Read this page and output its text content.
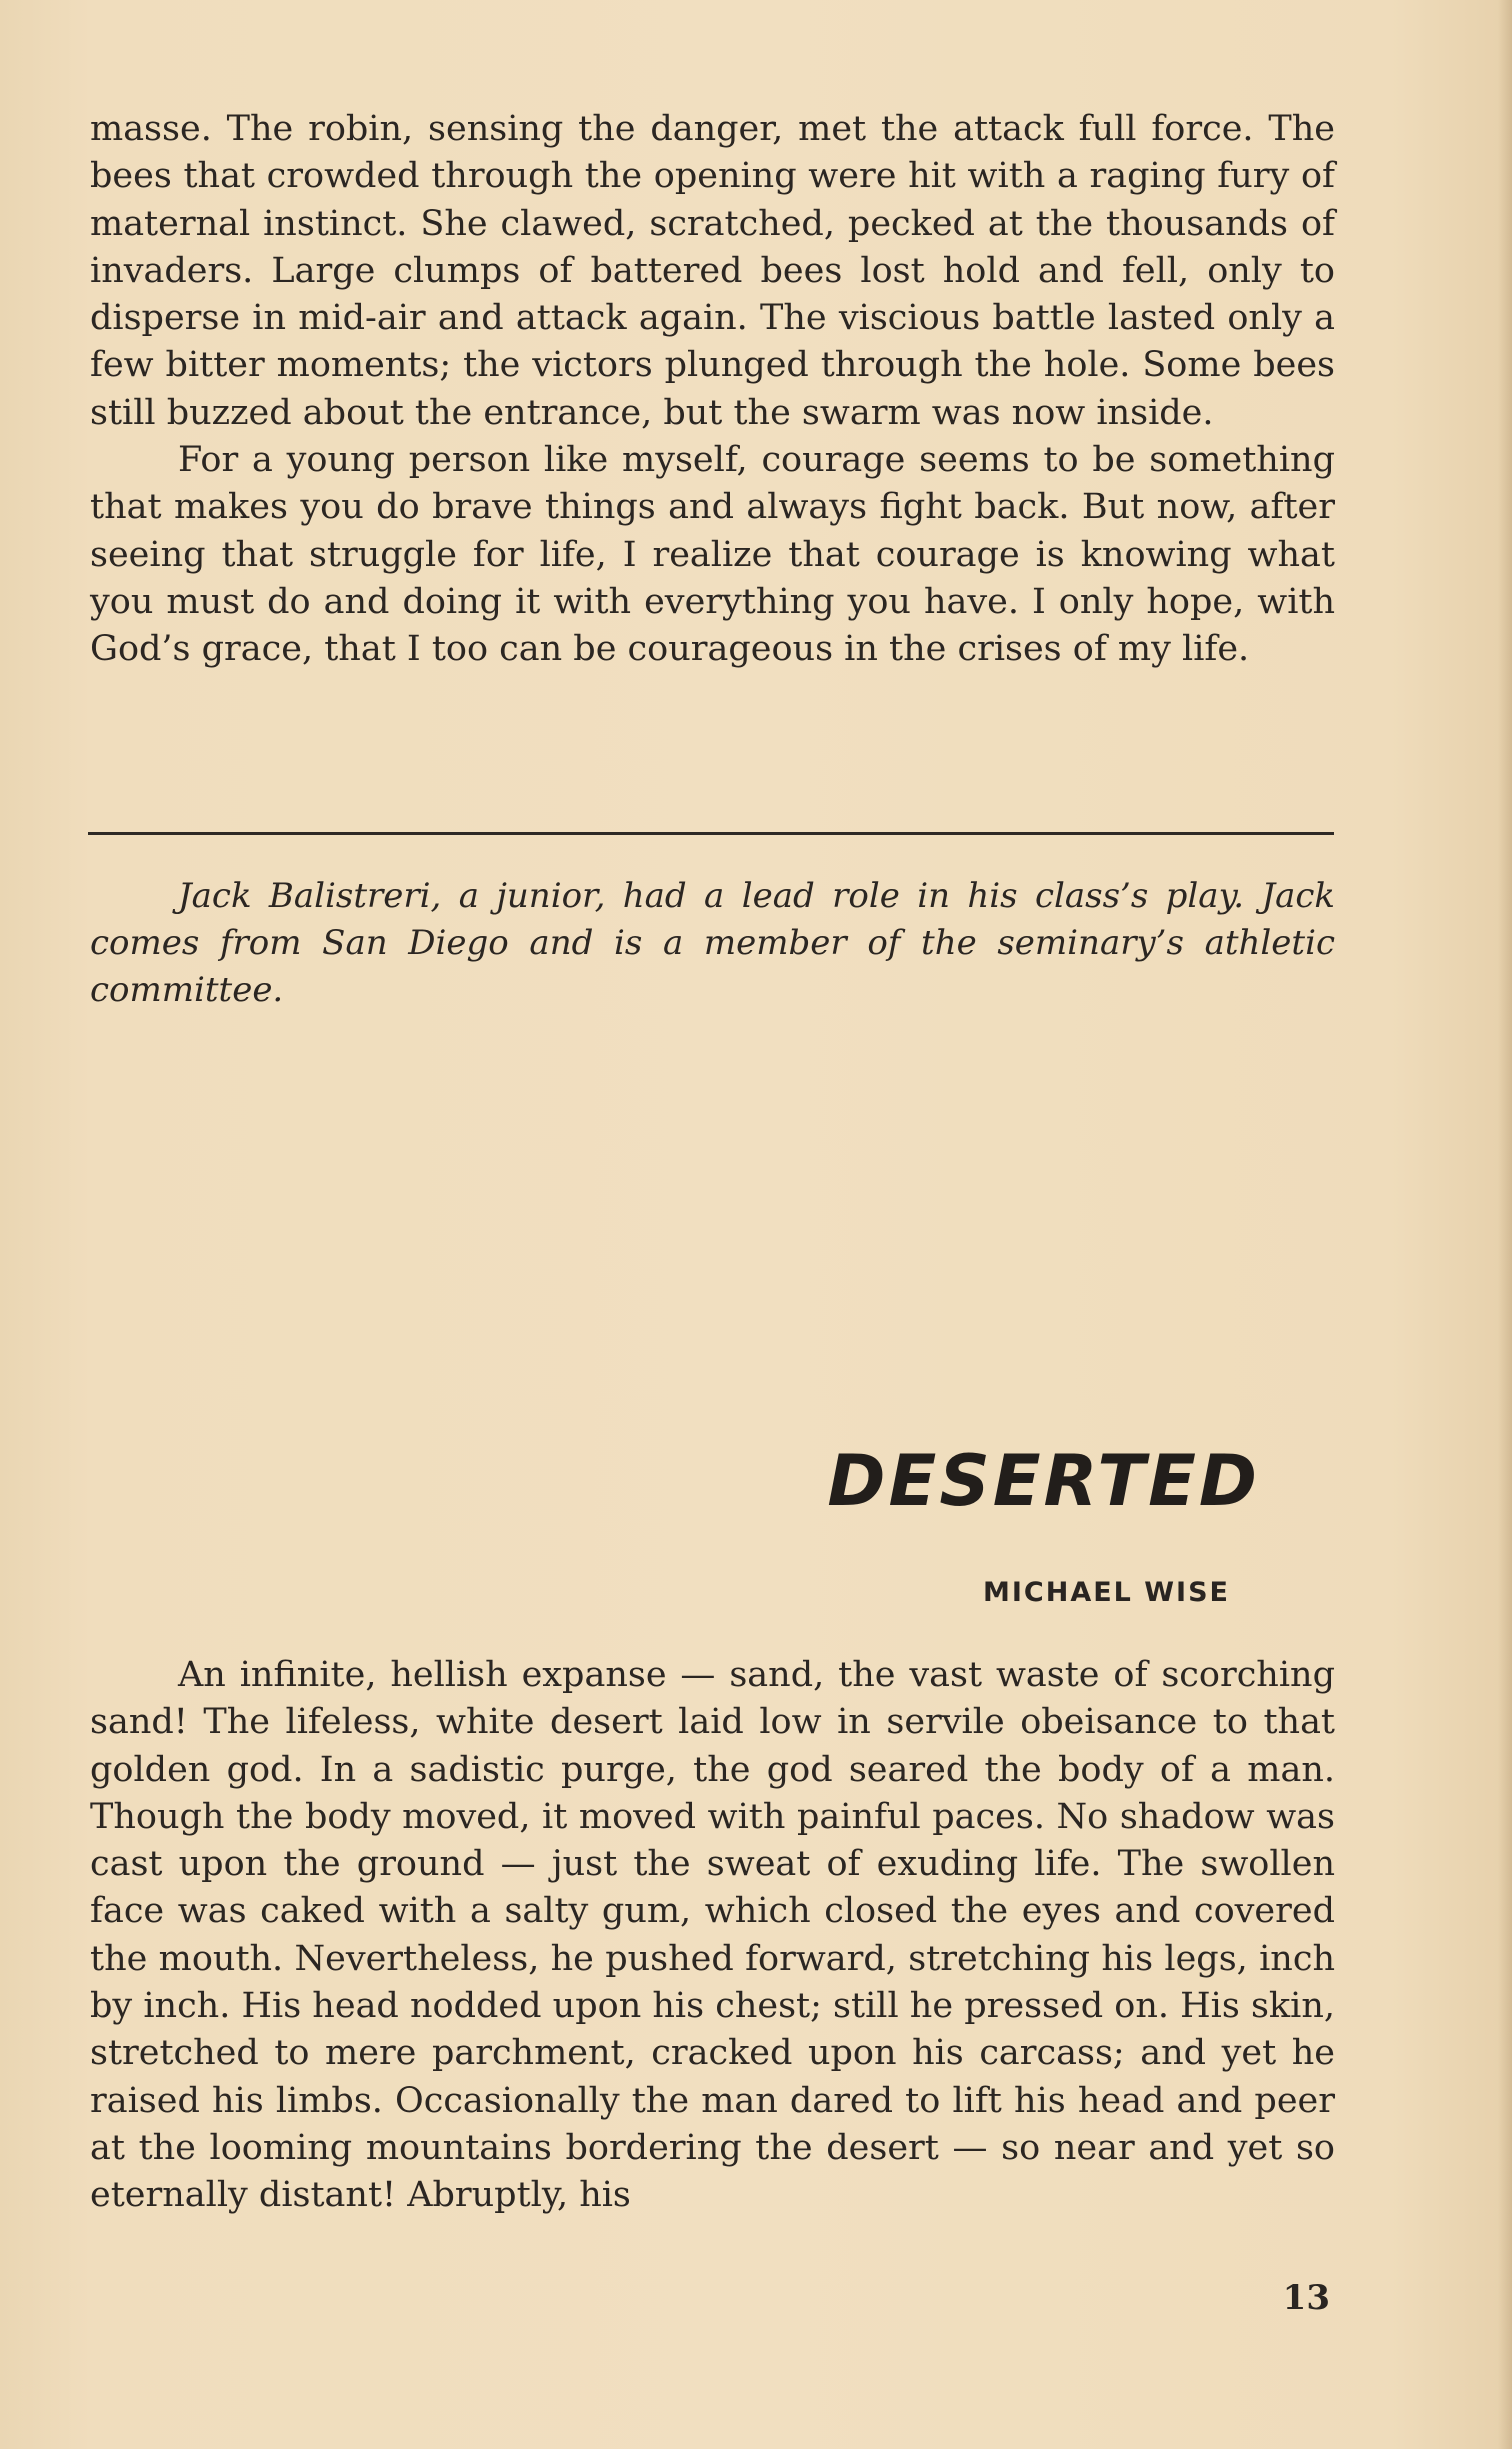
masse. The robin, sensing the danger, met the attack full force. The bees that crowded through the opening were hit with a raging fury of maternal instinct. She clawed, scratched, pecked at the thousands of invaders. Large clumps of battered bees lost hold and fell, only to disperse in mid-air and attack again. The viscious battle lasted only a few bitter moments; the victors plunged through the hole. Some bees still buzzed about the entrance, but the swarm was now inside.

For a young person like myself, courage seems to be something that makes you do brave things and always fight back. But now, after seeing that struggle for life, I realize that courage is knowing what you must do and doing it with everything you have. I only hope, with God’s grace, that I too can be courageous in the crises of my life.

Jack Balistreri, a junior, had a lead role in his class’s play. Jack comes from San Diego and is a member of the seminary’s athletic committee.

DESERTED
MICHAEL WISE

An infinite, hellish expanse — sand, the vast waste of scorching sand! The lifeless, white desert laid low in servile obeisance to that golden god. In a sadistic purge, the god seared the body of a man. Though the body moved, it moved with painful paces. No shadow was cast upon the ground — just the sweat of exuding life. The swollen face was caked with a salty gum, which closed the eyes and covered the mouth. Nevertheless, he pushed forward, stretching his legs, inch by inch. His head nodded upon his chest; still he pressed on. His skin, stretched to mere parchment, cracked upon his carcass; and yet he raised his limbs. Occasionally the man dared to lift his head and peer at the looming mountains bordering the desert — so near and yet so eternally distant! Abruptly, his

13
